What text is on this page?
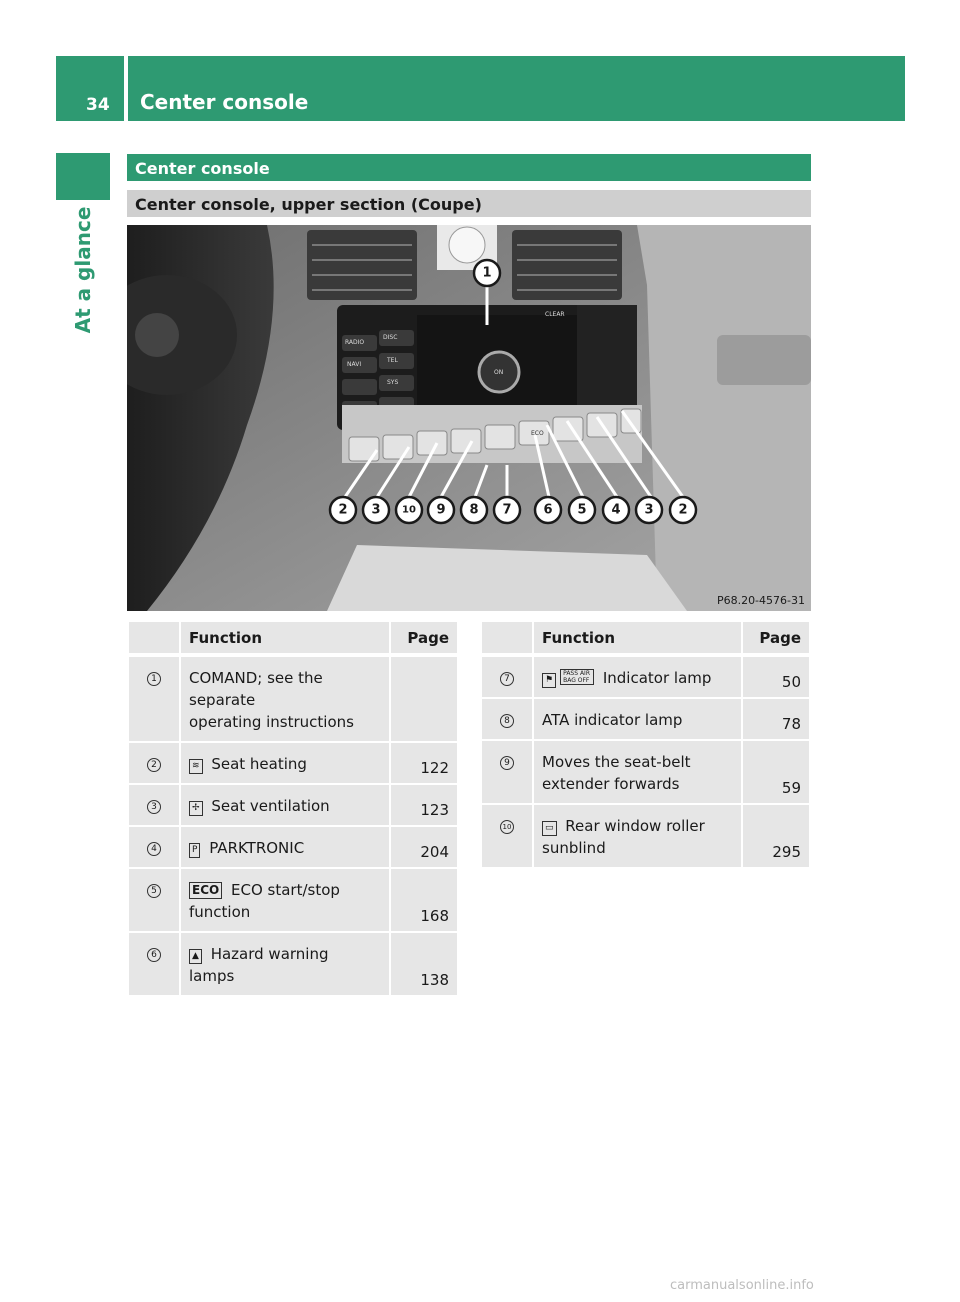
34 Center console
At a glance
Center console
Center console, upper section (Coupe)
1
2 3 10 9 8 7 6 5 4 3 2
RADIO
DISC
NAVI
TEL
SYS
CLEAR
ON
ECO
P68.20-4576-31
	Function	Page
1	COMAND; see the separate
operating instructions	
2	≋ Seat heating	122
3	✢ Seat ventilation	123
4	P PARKTRONIC	204
5	ECO ECO start/stop
function	168
6	▲ Hazard warning
lamps	138
	Function	Page
7	⚑PASS AIR BAG OFF Indicator lamp	50
8	ATA indicator lamp	78
9	Moves the seat-belt
extender forwards	59
10	▭ Rear window roller
sunblind	295
carmanualsonline.info
